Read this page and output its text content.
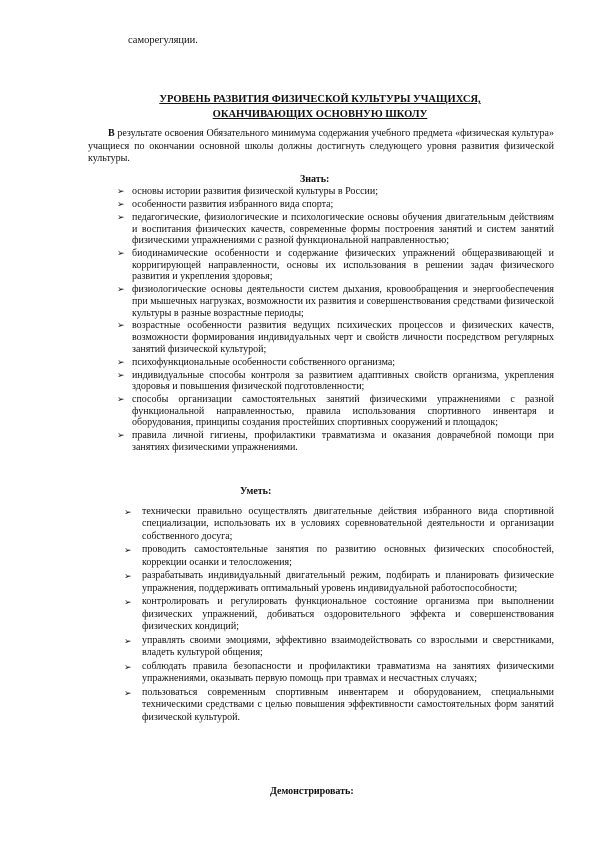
саморегуляции.
УРОВЕНЬ РАЗВИТИЯ ФИЗИЧЕСКОЙ КУЛЬТУРЫ УЧАЩИХСЯ,
ОКАНЧИВАЮЩИХ ОСНОВНУЮ ШКОЛУ
В результате освоения Обязательного минимума содержания учебного предмета «физическая культура» учащиеся по окончании основной школы должны достигнуть следующего уровня развития физической культуры.
Знать:
➢ основы истории развития физической культуры в России;
➢ особенности развития избранного вида спорта;
➢ педагогические, физиологические и психологические основы обучения двигательным действиям и воспитания физических качеств, современные формы построения занятий и систем занятий физическими упражнениями с разной функциональной направленностью;
➢ биодинамические особенности и содержание физических упражнений общеразвивающей и корригирующей направленности, основы их использования в решении задач физического развития и укрепления здоровья;
➢ физиологические основы деятельности систем дыхания, кровообращения и энергообеспечения при мышечных нагрузках, возможности их развития и совершенствования средствами физической культуры в разные возрастные периоды;
➢ возрастные особенности развития ведущих психических процессов и физических качеств, возможности формирования индивидуальных черт и свойств личности посредством регулярных занятий физической культурой;
➢ психофункциональные особенности собственного организма;
➢ индивидуальные способы контроля за развитием адаптивных свойств организма, укрепления здоровья и повышения физической подготовленности;
➢ способы организации самостоятельных занятий физическими упражнениями с разной функциональной направленностью, правила использования спортивного инвентаря и оборудования, принципы создания простейших спортивных сооружений и площадок;
➢ правила личной гигиены, профилактики травматизма и оказания доврачебной помощи при занятиях физическими упражнениями.
Уметь:
➢ технически правильно осуществлять двигательные действия избранного вида спортивной специализации, использовать их в условиях соревновательной деятельности и организации собственного досуга;
➢ проводить самостоятельные занятия по развитию основных физических способностей, коррекции осанки и телосложения;
➢ разрабатывать индивидуальный двигательный режим, подбирать и планировать физические упражнения, поддерживать оптимальный уровень индивидуальной работоспособности;
➢ контролировать и регулировать функциональное состояние организма при выполнении физических упражнений, добиваться оздоровительного эффекта и совершенствования физических кондиций;
➢ управлять своими эмоциями, эффективно взаимодействовать со взрослыми и сверстниками, владеть культурой общения;
➢ соблюдать правила безопасности и профилактики травматизма на занятиях физическими упражнениями, оказывать первую помощь при травмах и несчастных случаях;
➢ пользоваться современным спортивным инвентарем и оборудованием, специальными техническими средствами с целью повышения эффективности самостоятельных форм занятий физической культурой.
Демонстрировать:
